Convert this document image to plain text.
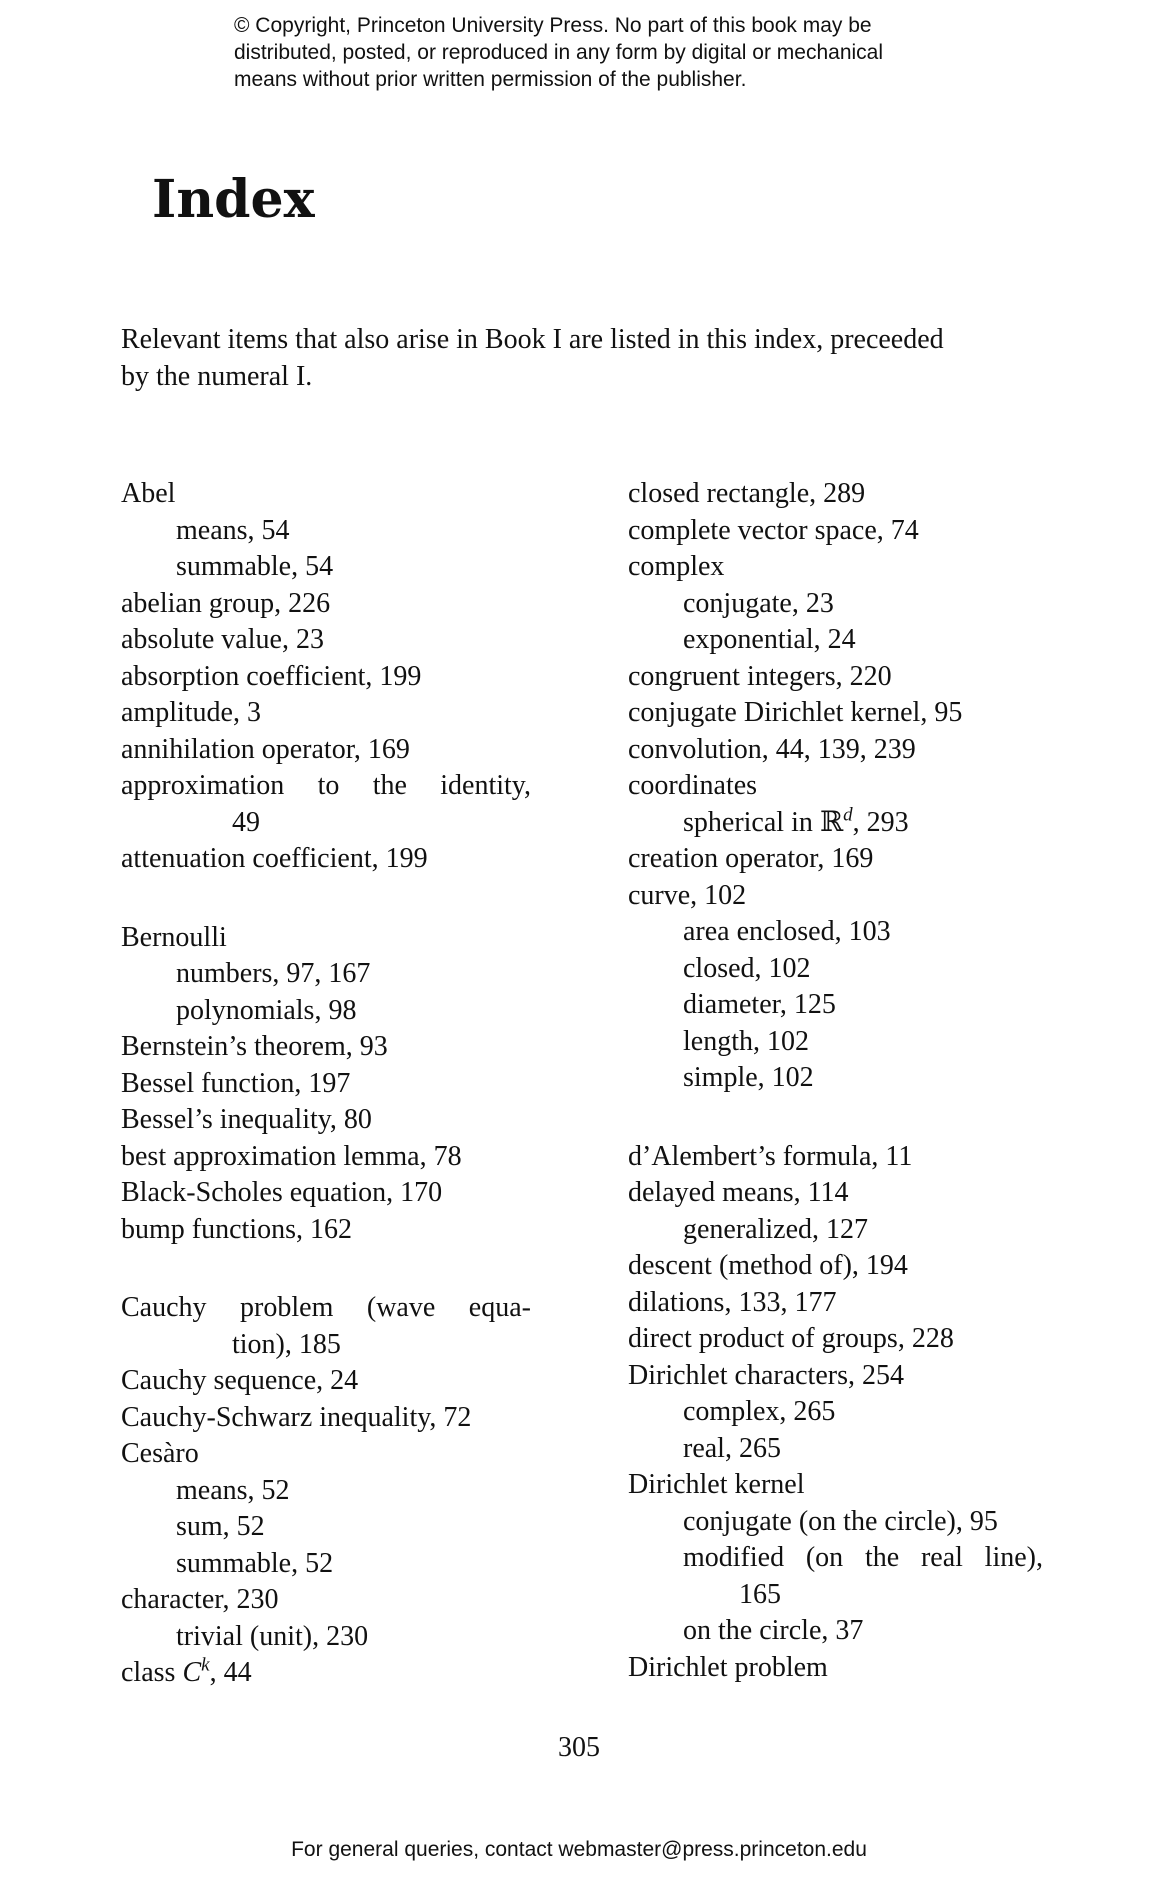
© Copyright, Princeton University Press. No part of this book may be
distributed, posted, or reproduced in any form by digital or mechanical
means without prior written permission of the publisher.
Index
Relevant items that also arise in Book I are listed in this index, preceeded
by the numeral I.
Abel
means, 54
summable, 54
abelian group, 226
absolute value, 23
absorption coefficient, 199
amplitude, 3
annihilation operator, 169
approximation to the identity,
49
attenuation coefficient, 199
Bernoulli
numbers, 97, 167
polynomials, 98
Bernstein’s theorem, 93
Bessel function, 197
Bessel’s inequality, 80
best approximation lemma, 78
Black-Scholes equation, 170
bump functions, 162
Cauchy problem (wave equa-
tion), 185
Cauchy sequence, 24
Cauchy-Schwarz inequality, 72
Cesàro
means, 52
sum, 52
summable, 52
character, 230
trivial (unit), 230
class $C^k$, 44
closed rectangle, 289
complete vector space, 74
complex
conjugate, 23
exponential, 24
congruent integers, 220
conjugate Dirichlet kernel, 95
convolution, 44, 139, 239
coordinates
spherical in ℝ$^d$, 293
creation operator, 169
curve, 102
area enclosed, 103
closed, 102
diameter, 125
length, 102
simple, 102
d’Alembert’s formula, 11
delayed means, 114
generalized, 127
descent (method of), 194
dilations, 133, 177
direct product of groups, 228
Dirichlet characters, 254
complex, 265
real, 265
Dirichlet kernel
conjugate (on the circle), 95
modified (on the real line),
165
on the circle, 37
Dirichlet problem
305
For general queries, contact webmaster@press.princeton.edu
